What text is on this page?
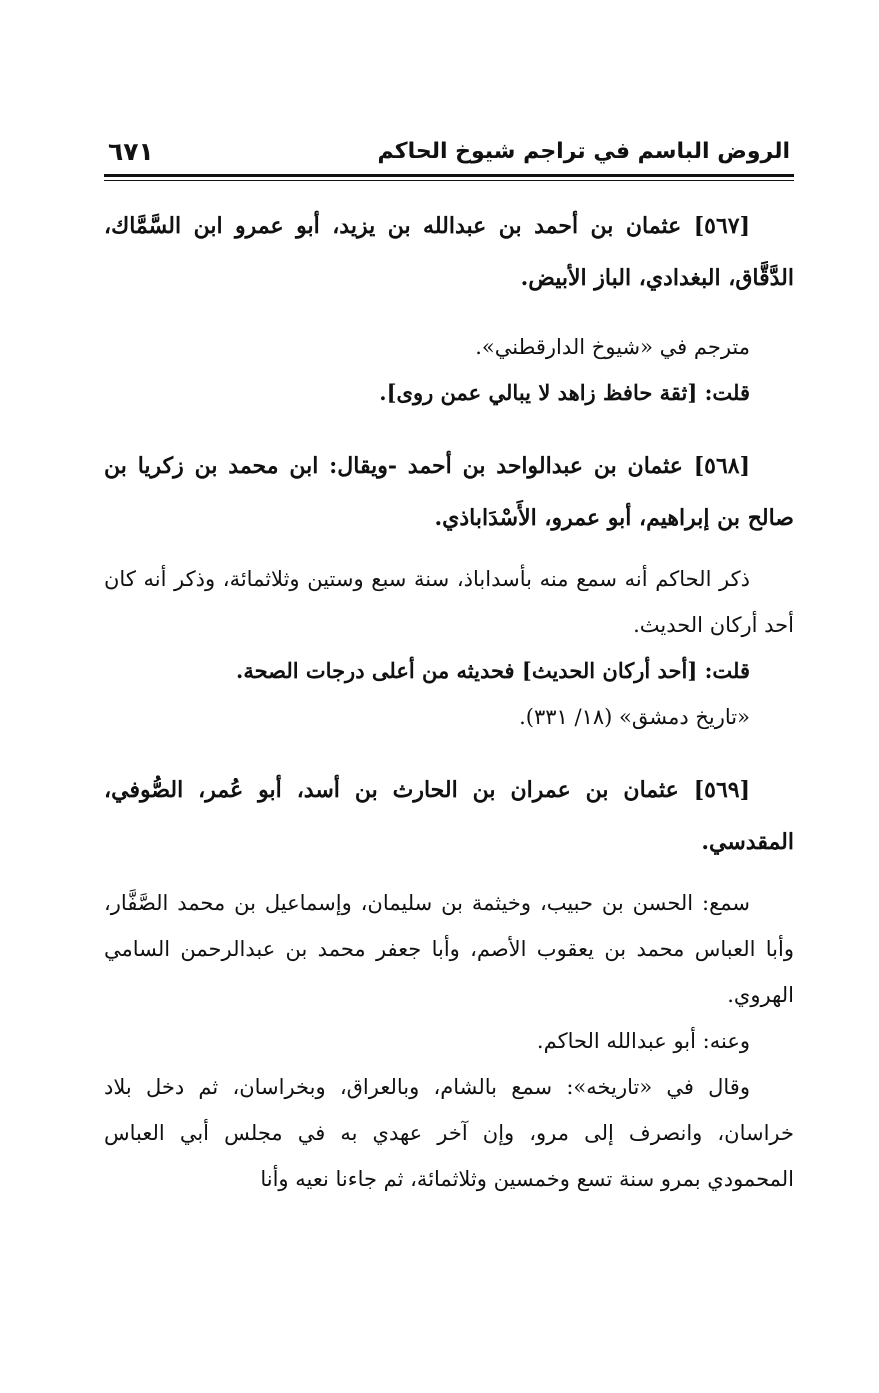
الروض الباسم في تراجم شيوخ الحاكم
٦٧١

[٥٦٧] عثمان بن أحمد بن عبدالله بن يزيد، أبو عمرو ابن السَّمَّاك، الدَّقَّاق، البغدادي، الباز الأبيض.

مترجم في «شيوخ الدارقطني».

قلت: [ثقة حافظ زاهد لا يبالي عمن روى].

[٥٦٨] عثمان بن عبدالواحد بن أحمد -ويقال: ابن محمد بن زكريا بن صالح بن إبراهيم، أبو عمرو، الأَسْدَاباذي.

ذكر الحاكم أنه سمع منه بأسداباذ، سنة سبع وستين وثلاثمائة، وذكر أنه كان أحد أركان الحديث.

قلت: [أحد أركان الحديث] فحديثه من أعلى درجات الصحة.

«تاريخ دمشق» (١٨/ ٣٣١).

[٥٦٩] عثمان بن عمران بن الحارث بن أسد، أبو عُمر، الصُّوفي، المقدسي.

سمع: الحسن بن حبيب، وخيثمة بن سليمان، وإسماعيل بن محمد الصَّفَّار، وأبا العباس محمد بن يعقوب الأصم، وأبا جعفر محمد بن عبدالرحمن السامي الهروي.

وعنه: أبو عبدالله الحاكم.

وقال في «تاريخه»: سمع بالشام، وبالعراق، وبخراسان، ثم دخل بلاد خراسان، وانصرف إلى مرو، وإن آخر عهدي به في مجلس أبي العباس المحمودي بمرو سنة تسع وخمسين وثلاثمائة، ثم جاءنا نعيه وأنا
